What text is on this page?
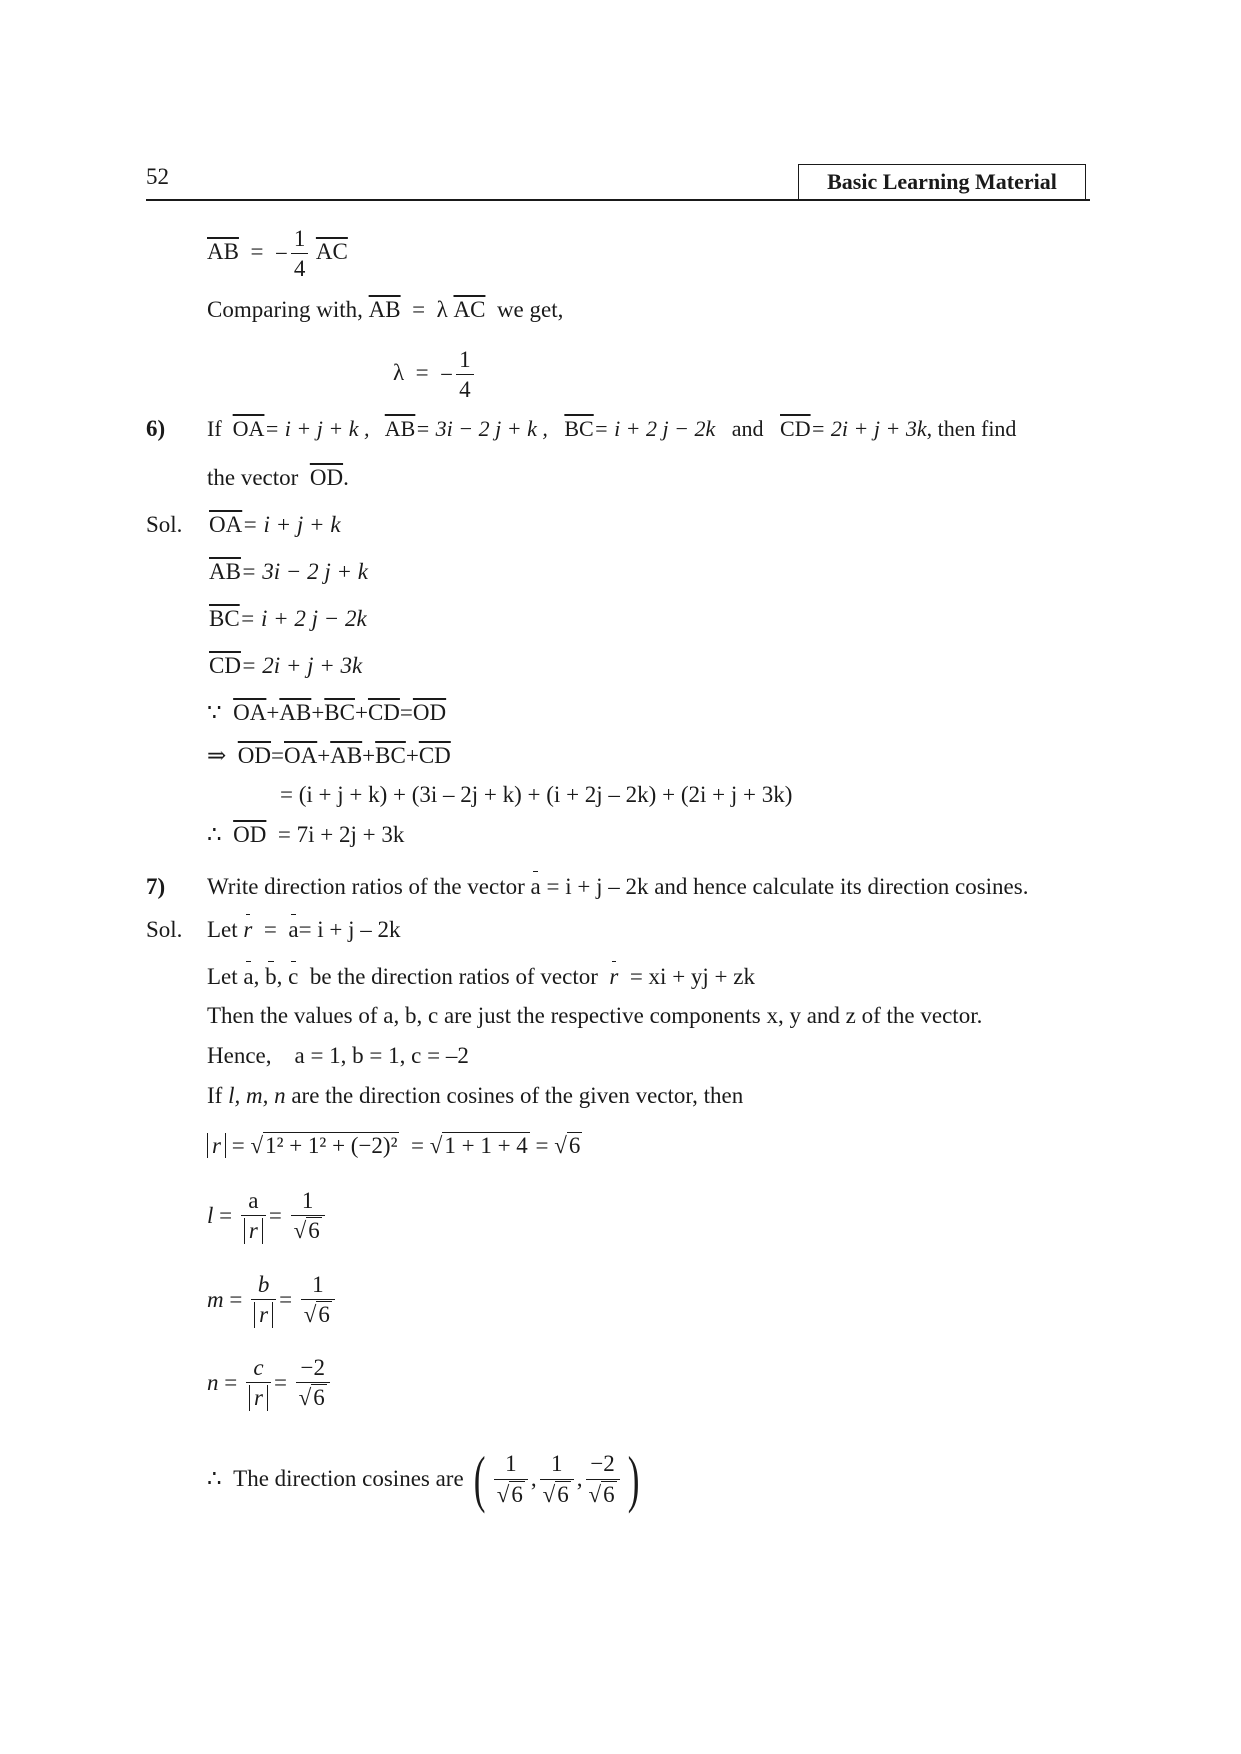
52	Basic Learning Material
$\overline{AB}$ = − $\frac{1}{4} \overline{AC}$
Comparing with, $\overline{AB} = \lambda$ $\overline{AC}$ we get,
λ = − $\frac{1}{4}$
6) If $\overline{OA}= i + j + k$ , $\overline{AB}= 3i - 2$ j + k , $\overline{BC}= i + 2$ j − 2k and $\overline{CD}= 2i + j + 3k$, then find
the vector $\overline{OD}$.
Sol. $\overline{OA}= i + j + k$
$\overline{AB}= 3i - 2$ j + k
$\overline{BC}= i + 2$ j − 2k
$\overline{CD}= 2i + j + 3k$
∵ $\overline{OA}+\overline{AB}+\overline{BC}+\overline{CD}=\overline{OD}$
⇒ $\overline{OD}=\overline{OA}+\overline{AB}+\overline{BC}+\overline{CD}$
= (i + j + k) + (3i – 2j + k) + (i + 2j – 2k) + (2i + j + 3k)
∴ $\overline{OD} = 7i + 2j + 3k$
7) Write direction ratios of the vector a = i + j – 2k and hence calculate its direction cosines.
Sol. Let r = a= i + j – 2k
Let a, b, c be the direction ratios of vector r = xi + yj + zk
Then the values of a, b, c are just the respective components x, y and z of the vector.
Hence, a = 1, b = 1, c = –2
If l, m, n are the direction cosines of the given vector, then
r = √1² + 1² + (−2)² = √1 + 1 + 4 = √6
$l = \frac{a}{r} = \frac{1}{√6}$
$m = \frac{b}{r} = \frac{1}{√6}$
$n = \frac{c}{r} = \frac{-2}{√6}$
∴ The direction cosines are ( $\frac{1}{√6}$ , $\frac{1}{√6}$ , $\frac{-2}{√6}$ )
